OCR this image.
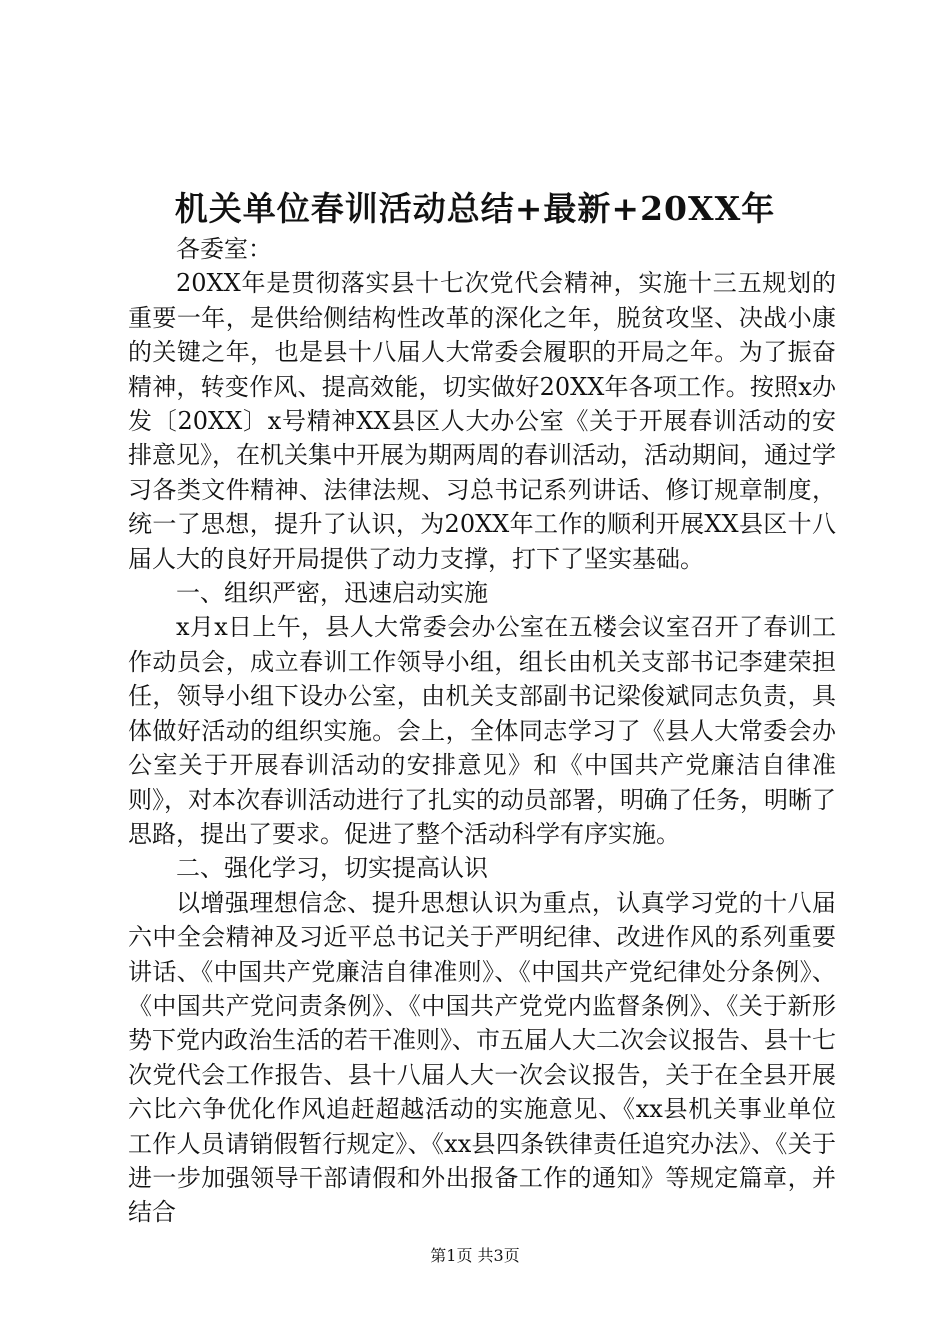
机关单位春训活动总结+最新+20XX年

各委室：

20XX年是贯彻落实县十七次党代会精神，实施十三五规划的重要一年，是供给侧结构性改革的深化之年，脱贫攻坚、决战小康的关键之年，也是县十八届人大常委会履职的开局之年。为了振奋精神，转变作风、提高效能，切实做好20XX年各项工作。按照x办发〔20XX〕x号精神XX县区人大办公室《关于开展春训活动的安排意见》，在机关集中开展为期两周的春训活动，活动期间，通过学习各类文件精神、法律法规、习总书记系列讲话、修订规章制度，统一了思想，提升了认识，为20XX年工作的顺利开展XX县区十八届人大的良好开局提供了动力支撑，打下了坚实基础。

一、组织严密，迅速启动实施

x月x日上午，县人大常委会办公室在五楼会议室召开了春训工作动员会，成立春训工作领导小组，组长由机关支部书记李建荣担任，领导小组下设办公室，由机关支部副书记梁俊斌同志负责，具体做好活动的组织实施。会上，全体同志学习了《县人大常委会办公室关于开展春训活动的安排意见》和《中国共产党廉洁自律准则》，对本次春训活动进行了扎实的动员部署，明确了任务，明晰了思路，提出了要求。促进了整个活动科学有序实施。

二、强化学习，切实提高认识

以增强理想信念、提升思想认识为重点，认真学习党的十八届六中全会精神及习近平总书记关于严明纪律、改进作风的系列重要讲话、《中国共产党廉洁自律准则》、《中国共产党纪律处分条例》、《中国共产党问责条例》、《中国共产党党内监督条例》、《关于新形势下党内政治生活的若干准则》、市五届人大二次会议报告、县十七次党代会工作报告、县十八届人大一次会议报告，关于在全县开展六比六争优化作风追赶超越活动的实施意见、《xx县机关事业单位工作人员请销假暂行规定》、《xx县四条铁律责任追究办法》、《关于进一步加强领导干部请假和外出报备工作的通知》等规定篇章，并结合

第1页 共3页
